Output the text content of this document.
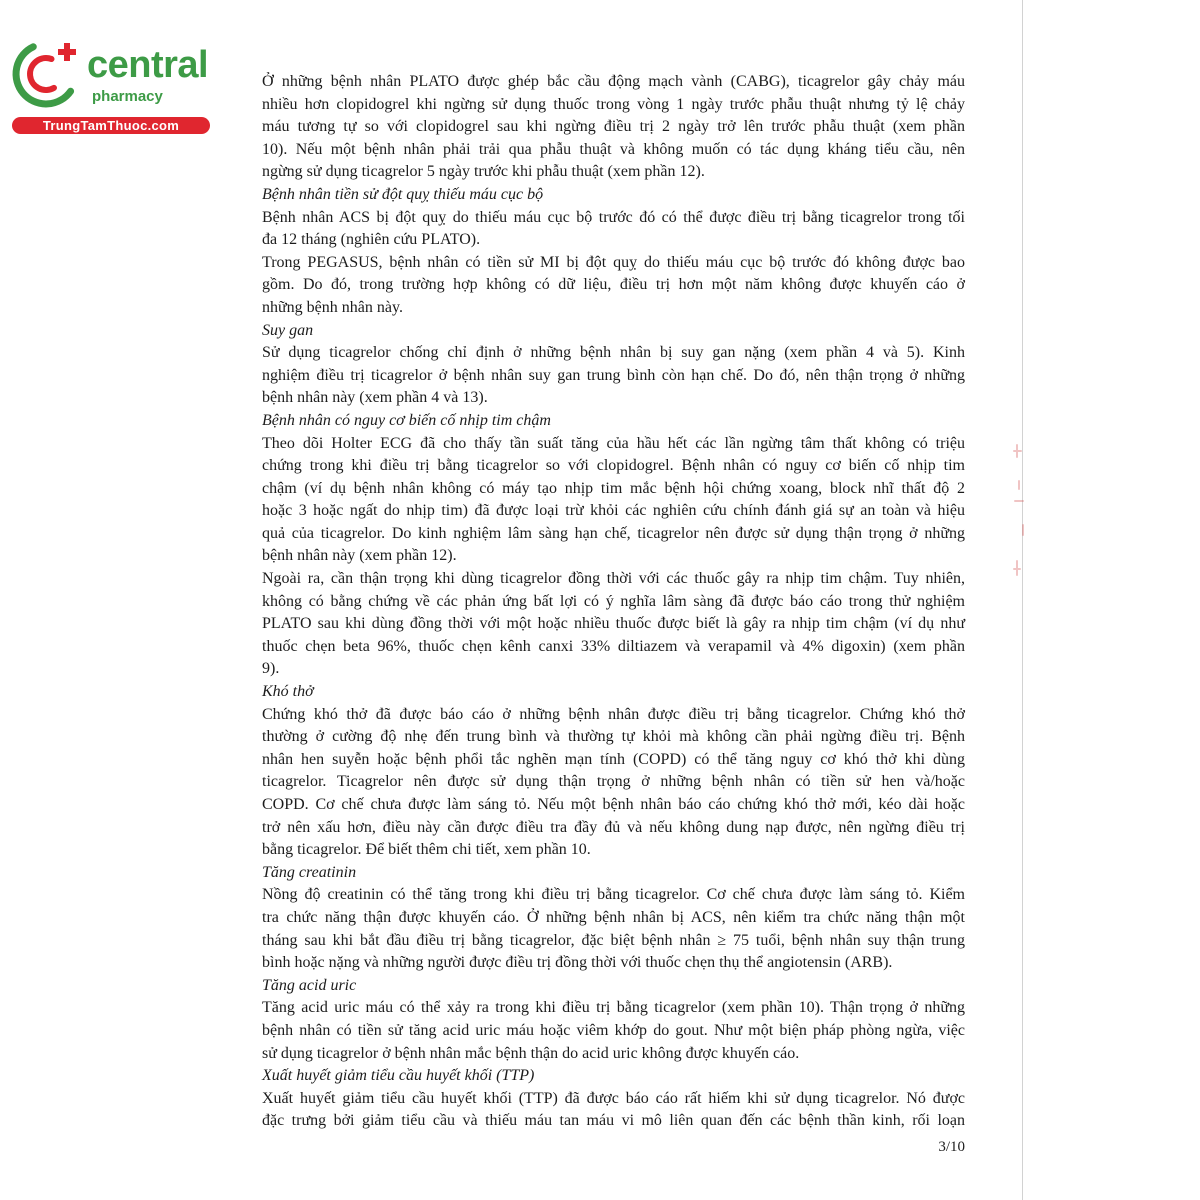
central
pharmacy
TrungTamThuoc.com
Ở những bệnh nhân PLATO được ghép bắc cầu động mạch vành (CABG), ticagrelor gây chảy máu
nhiều hơn clopidogrel khi ngừng sử dụng thuốc trong vòng 1 ngày trước phẫu thuật nhưng tỷ lệ chảy
máu tương tự so với clopidogrel sau khi ngừng điều trị 2 ngày trở lên trước phẫu thuật (xem phần
10). Nếu một bệnh nhân phải trải qua phẫu thuật và không muốn có tác dụng kháng tiểu cầu, nên
ngừng sử dụng ticagrelor 5 ngày trước khi phẫu thuật (xem phần 12).
Bệnh nhân tiền sử đột quỵ thiếu máu cục bộ
Bệnh nhân ACS bị đột quỵ do thiếu máu cục bộ trước đó có thể được điều trị bằng ticagrelor trong tối
đa 12 tháng (nghiên cứu PLATO).
Trong PEGASUS, bệnh nhân có tiền sử MI bị đột quỵ do thiếu máu cục bộ trước đó không được bao
gồm. Do đó, trong trường hợp không có dữ liệu, điều trị hơn một năm không được khuyến cáo ở
những bệnh nhân này.
Suy gan
Sử dụng ticagrelor chống chỉ định ở những bệnh nhân bị suy gan nặng (xem phần 4 và 5). Kinh
nghiệm điều trị ticagrelor ở bệnh nhân suy gan trung bình còn hạn chế. Do đó, nên thận trọng ở những
bệnh nhân này (xem phần 4 và 13).
Bệnh nhân có nguy cơ biến cố nhịp tim chậm
Theo dõi Holter ECG đã cho thấy tần suất tăng của hầu hết các lần ngừng tâm thất không có triệu
chứng trong khi điều trị bằng ticagrelor so với clopidogrel. Bệnh nhân có nguy cơ biến cố nhịp tim
chậm (ví dụ bệnh nhân không có máy tạo nhịp tim mắc bệnh hội chứng xoang, block nhĩ thất độ 2
hoặc 3 hoặc ngất do nhịp tim) đã được loại trừ khỏi các nghiên cứu chính đánh giá sự an toàn và hiệu
quả của ticagrelor. Do kinh nghiệm lâm sàng hạn chế, ticagrelor nên được sử dụng thận trọng ở những
bệnh nhân này (xem phần 12).
Ngoài ra, cần thận trọng khi dùng ticagrelor đồng thời với các thuốc gây ra nhịp tim chậm. Tuy nhiên,
không có bằng chứng về các phản ứng bất lợi có ý nghĩa lâm sàng đã được báo cáo trong thử nghiệm
PLATO sau khi dùng đồng thời với một hoặc nhiều thuốc được biết là gây ra nhịp tim chậm (ví dụ như
thuốc chẹn beta 96%, thuốc chẹn kênh canxi 33% diltiazem và verapamil và 4% digoxin) (xem phần
9).
Khó thở
Chứng khó thở đã được báo cáo ở những bệnh nhân được điều trị bằng ticagrelor. Chứng khó thở
thường ở cường độ nhẹ đến trung bình và thường tự khỏi mà không cần phải ngừng điều trị. Bệnh
nhân hen suyễn hoặc bệnh phổi tắc nghẽn mạn tính (COPD) có thể tăng nguy cơ khó thở khi dùng
ticagrelor. Ticagrelor nên được sử dụng thận trọng ở những bệnh nhân có tiền sử hen và/hoặc
COPD. Cơ chế chưa được làm sáng tỏ. Nếu một bệnh nhân báo cáo chứng khó thở mới, kéo dài hoặc
trở nên xấu hơn, điều này cần được điều tra đầy đủ và nếu không dung nạp được, nên ngừng điều trị
bằng ticagrelor. Để biết thêm chi tiết, xem phần 10.
Tăng creatinin
Nồng độ creatinin có thể tăng trong khi điều trị bằng ticagrelor. Cơ chế chưa được làm sáng tỏ. Kiểm
tra chức năng thận được khuyến cáo. Ở những bệnh nhân bị ACS, nên kiểm tra chức năng thận một
tháng sau khi bắt đầu điều trị bằng ticagrelor, đặc biệt bệnh nhân ≥ 75 tuổi, bệnh nhân suy thận trung
bình hoặc nặng và những người được điều trị đồng thời với thuốc chẹn thụ thể angiotensin (ARB).
Tăng acid uric
Tăng acid uric máu có thể xảy ra trong khi điều trị bằng ticagrelor (xem phần 10). Thận trọng ở những
bệnh nhân có tiền sử tăng acid uric máu hoặc viêm khớp do gout. Như một biện pháp phòng ngừa, việc
sử dụng ticagrelor ở bệnh nhân mắc bệnh thận do acid uric không được khuyến cáo.
Xuất huyết giảm tiểu cầu huyết khối (TTP)
Xuất huyết giảm tiểu cầu huyết khối (TTP) đã được báo cáo rất hiếm khi sử dụng ticagrelor. Nó được
đặc trưng bởi giảm tiểu cầu và thiếu máu tan máu vi mô liên quan đến các bệnh thần kinh, rối loạn
3/10
